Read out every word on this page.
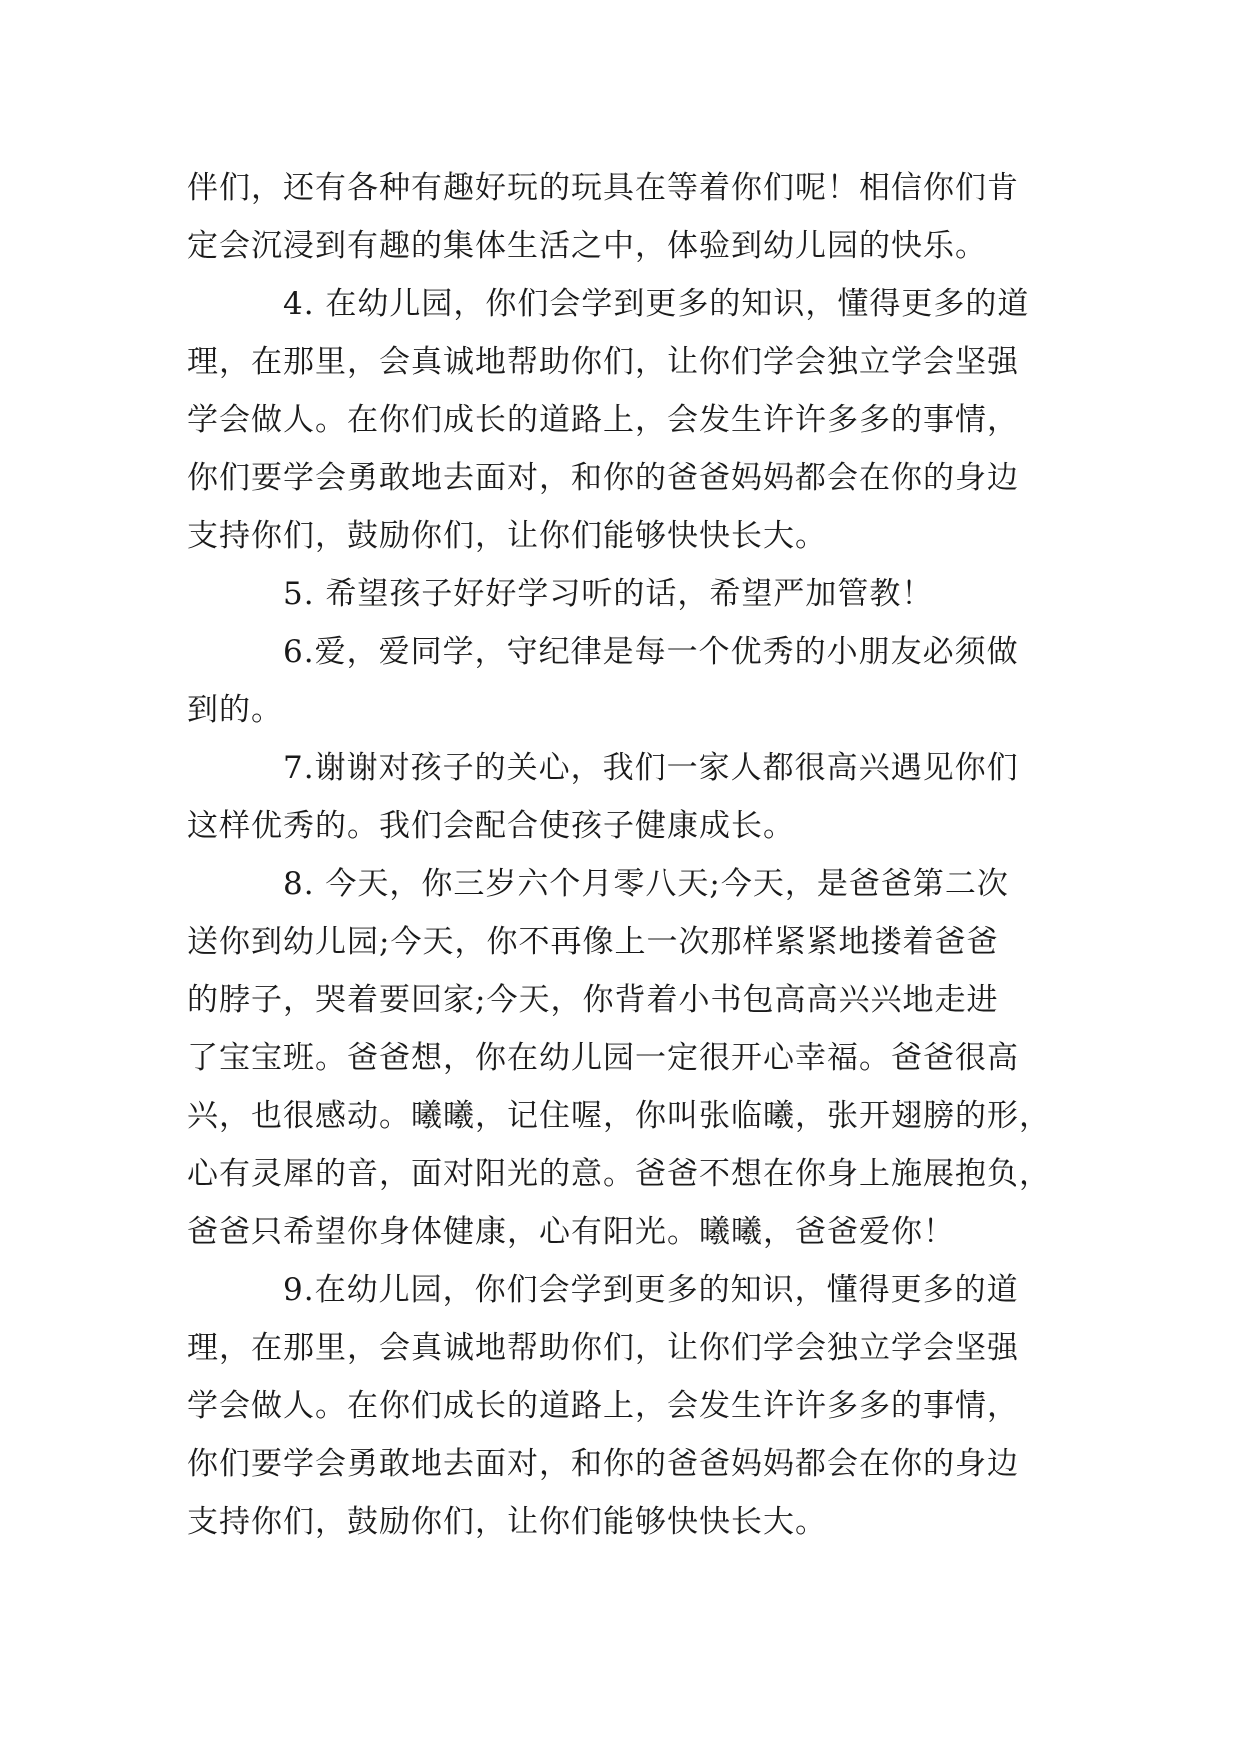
伴们，还有各种有趣好玩的玩具在等着你们呢！相信你们肯
定会沉浸到有趣的集体生活之中，体验到幼儿园的快乐。
4. 在幼儿园，你们会学到更多的知识，懂得更多的道
理，在那里，会真诚地帮助你们，让你们学会独立学会坚强
学会做人。在你们成长的道路上，会发生许许多多的事情，
你们要学会勇敢地去面对，和你的爸爸妈妈都会在你的身边
支持你们，鼓励你们，让你们能够快快长大。
5. 希望孩子好好学习听的话，希望严加管教！
6.爱，爱同学，守纪律是每一个优秀的小朋友必须做
到的。
7.谢谢对孩子的关心，我们一家人都很高兴遇见你们
这样优秀的。我们会配合使孩子健康成长。
8. 今天，你三岁六个月零八天;今天，是爸爸第二次
送你到幼儿园;今天，你不再像上一次那样紧紧地搂着爸爸
的脖子，哭着要回家;今天，你背着小书包高高兴兴地走进
了宝宝班。爸爸想，你在幼儿园一定很开心幸福。爸爸很高
兴，也很感动。曦曦，记住喔，你叫张临曦，张开翅膀的形，
心有灵犀的音，面对阳光的意。爸爸不想在你身上施展抱负，
爸爸只希望你身体健康，心有阳光。曦曦，爸爸爱你！
9.在幼儿园，你们会学到更多的知识，懂得更多的道
理，在那里，会真诚地帮助你们，让你们学会独立学会坚强
学会做人。在你们成长的道路上，会发生许许多多的事情，
你们要学会勇敢地去面对，和你的爸爸妈妈都会在你的身边
支持你们，鼓励你们，让你们能够快快长大。
